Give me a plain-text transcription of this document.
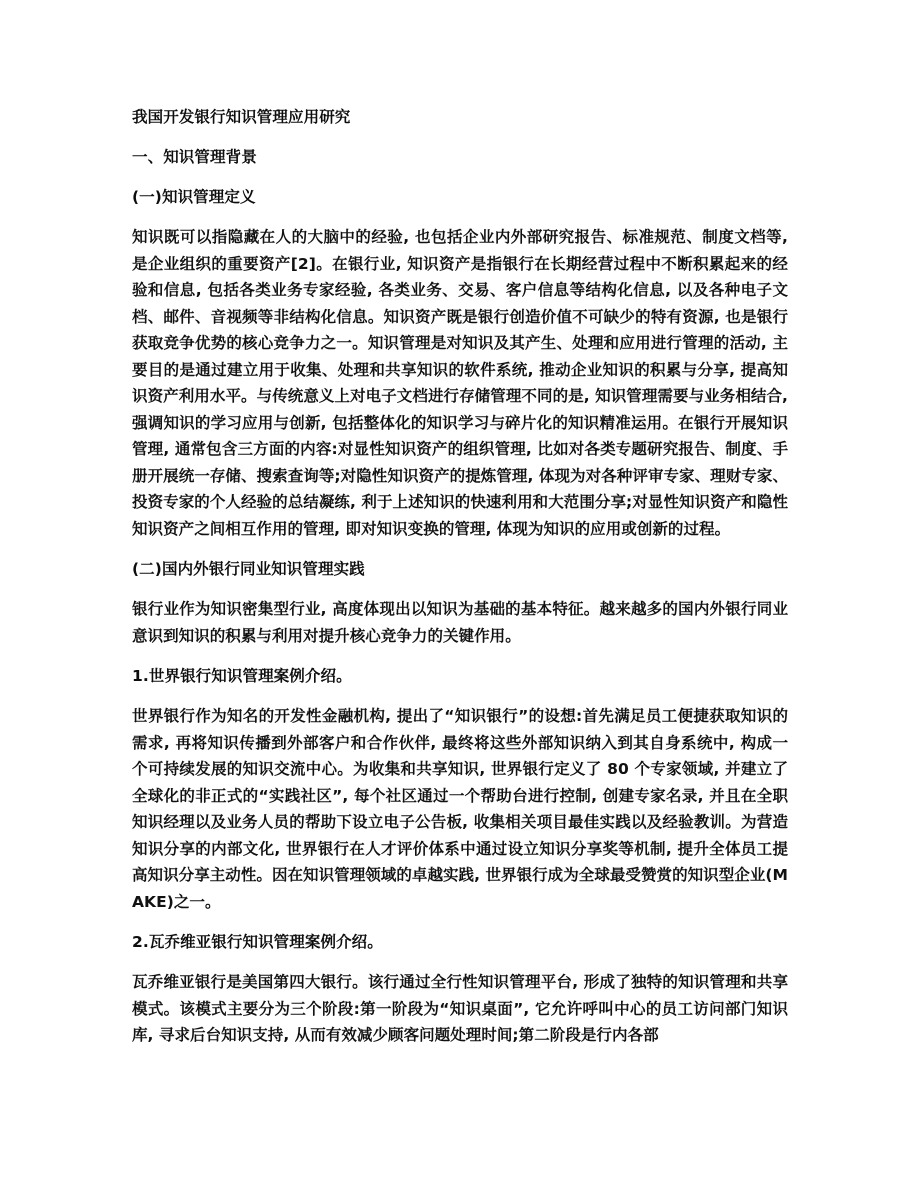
我国开发银行知识管理应用研究
一、知识管理背景
(一)知识管理定义

知识既可以指隐藏在人的大脑中的经验, 也包括企业内外部研究报告、标准规范、制度文档等, 是企业组织的重要资产[2]。在银行业, 知识资产是指银行在长期经营过程中不断积累起来的经验和信息, 包括各类业务专家经验, 各类业务、交易、客户信息等结构化信息, 以及各种电子文档、邮件、音视频等非结构化信息。知识资产既是银行创造价值不可缺少的特有资源, 也是银行获取竞争优势的核心竞争力之一。知识管理是对知识及其产生、处理和应用进行管理的活动, 主要目的是通过建立用于收集、处理和共享知识的软件系统, 推动企业知识的积累与分享, 提高知识资产利用水平。与传统意义上对电子文档进行存储管理不同的是, 知识管理需要与业务相结合,强调知识的学习应用与创新, 包括整体化的知识学习与碎片化的知识精准运用。在银行开展知识管理, 通常包含三方面的内容:对显性知识资产的组织管理, 比如对各类专题研究报告、制度、手册开展统一存储、搜索查询等;对隐性知识资产的提炼管理, 体现为对各种评审专家、理财专家、投资专家的个人经验的总结凝练, 利于上述知识的快速利用和大范围分享;对显性知识资产和隐性知识资产之间相互作用的管理, 即对知识变换的管理, 体现为知识的应用或创新的过程。

(二)国内外银行同业知识管理实践

银行业作为知识密集型行业, 高度体现出以知识为基础的基本特征。越来越多的国内外银行同业意识到知识的积累与利用对提升核心竞争力的关键作用。

1.世界银行知识管理案例介绍。

世界银行作为知名的开发性金融机构, 提出了“知识银行”的设想:首先满足员工便捷获取知识的需求, 再将知识传播到外部客户和合作伙伴, 最终将这些外部知识纳入到其自身系统中, 构成一个可持续发展的知识交流中心。为收集和共享知识, 世界银行定义了 80 个专家领域, 并建立了全球化的非正式的“实践社区”, 每个社区通过一个帮助台进行控制, 创建专家名录, 并且在全职知识经理以及业务人员的帮助下设立电子公告板, 收集相关项目最佳实践以及经验教训。为营造知识分享的内部文化, 世界银行在人才评价体系中通过设立知识分享奖等机制, 提升全体员工提高知识分享主动性。因在知识管理领域的卓越实践, 世界银行成为全球最受赞赏的知识型企业(MAKE)之一。

2.瓦乔维亚银行知识管理案例介绍。

瓦乔维亚银行是美国第四大银行。该行通过全行性知识管理平台, 形成了独特的知识管理和共享模式。该模式主要分为三个阶段:第一阶段为“知识桌面”, 它允许呼叫中心的员工访问部门知识库, 寻求后台知识支持, 从而有效减少顾客问题处理时间;第二阶段是行内各部
